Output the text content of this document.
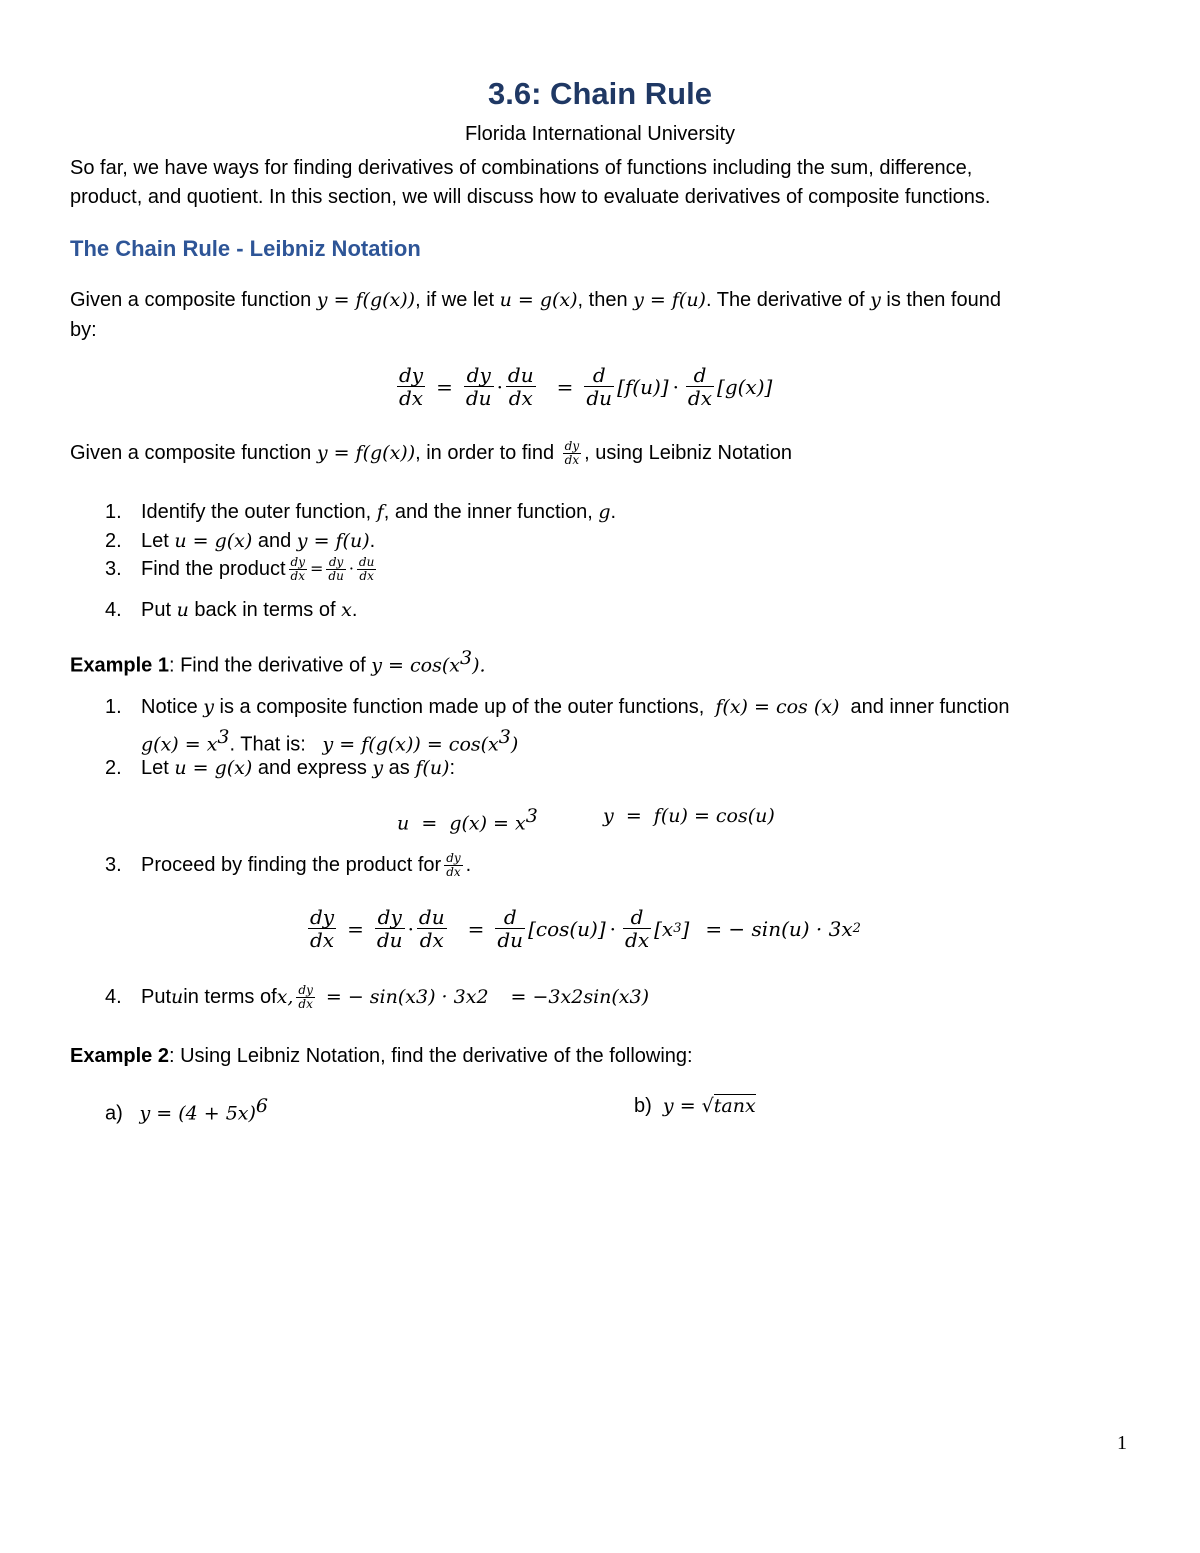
3.6: Chain Rule
Florida International University
So far, we have ways for finding derivatives of combinations of functions including the sum, difference,
product, and quotient. In this section, we will discuss how to evaluate derivatives of composite functions.
The Chain Rule - Leibniz Notation
Given a composite function y = f(g(x)), if we let u = g(x), then y = f(u). The derivative of y is then found
by:
$\frac{dy}{dx} = \frac{dy}{du} \cdot \frac{du}{dx} = \frac{d}{du} [f(u)] \cdot \frac{d}{dx} [g(x)]$
Given a composite function
y = f(g(x)) , in order to find
$\frac{dy}{dx}$ , using Leibniz Notation
1. Identify the outer function, f, and the inner function, g.
2. Let u = g(x) and y = f(u).
3. Find the product $\frac{dy}{dx} = \frac{dy}{du} \cdot \frac{du}{dx}$
4. Put u back in terms of x.
Example 1: Find the derivative of $y = \cos(x^3)$.
1. Notice y is a composite function made up of the outer functions,  f(x) = cos (x)  and inner function
$g(x) = x^3$. That is: $y = f(g(x)) = \cos(x^3)$
2. Let u = g(x) and express y as f(u):
$u = g(x) = x^3$	y  =  f(u) = cos(u)
3. Proceed by finding the product for $\frac{dy}{dx}$ .
$\frac{dy}{dx} = \frac{dy}{du} \cdot \frac{du}{dx} = \frac{d}{du} [\cos(u)] \cdot \frac{d}{dx} [x$ 3 ] = − sin(u) · 3x 2
4. Put u in terms of x, $\frac{dy}{dx}$ = − sin(x 3 ) · 3x 2 = −3x 2 sin(x 3 )
Example 2: Using Leibniz Notation, find the derivative of the following:
a) $y = (4 + 5x)^6$	b) y = √tanx
1
